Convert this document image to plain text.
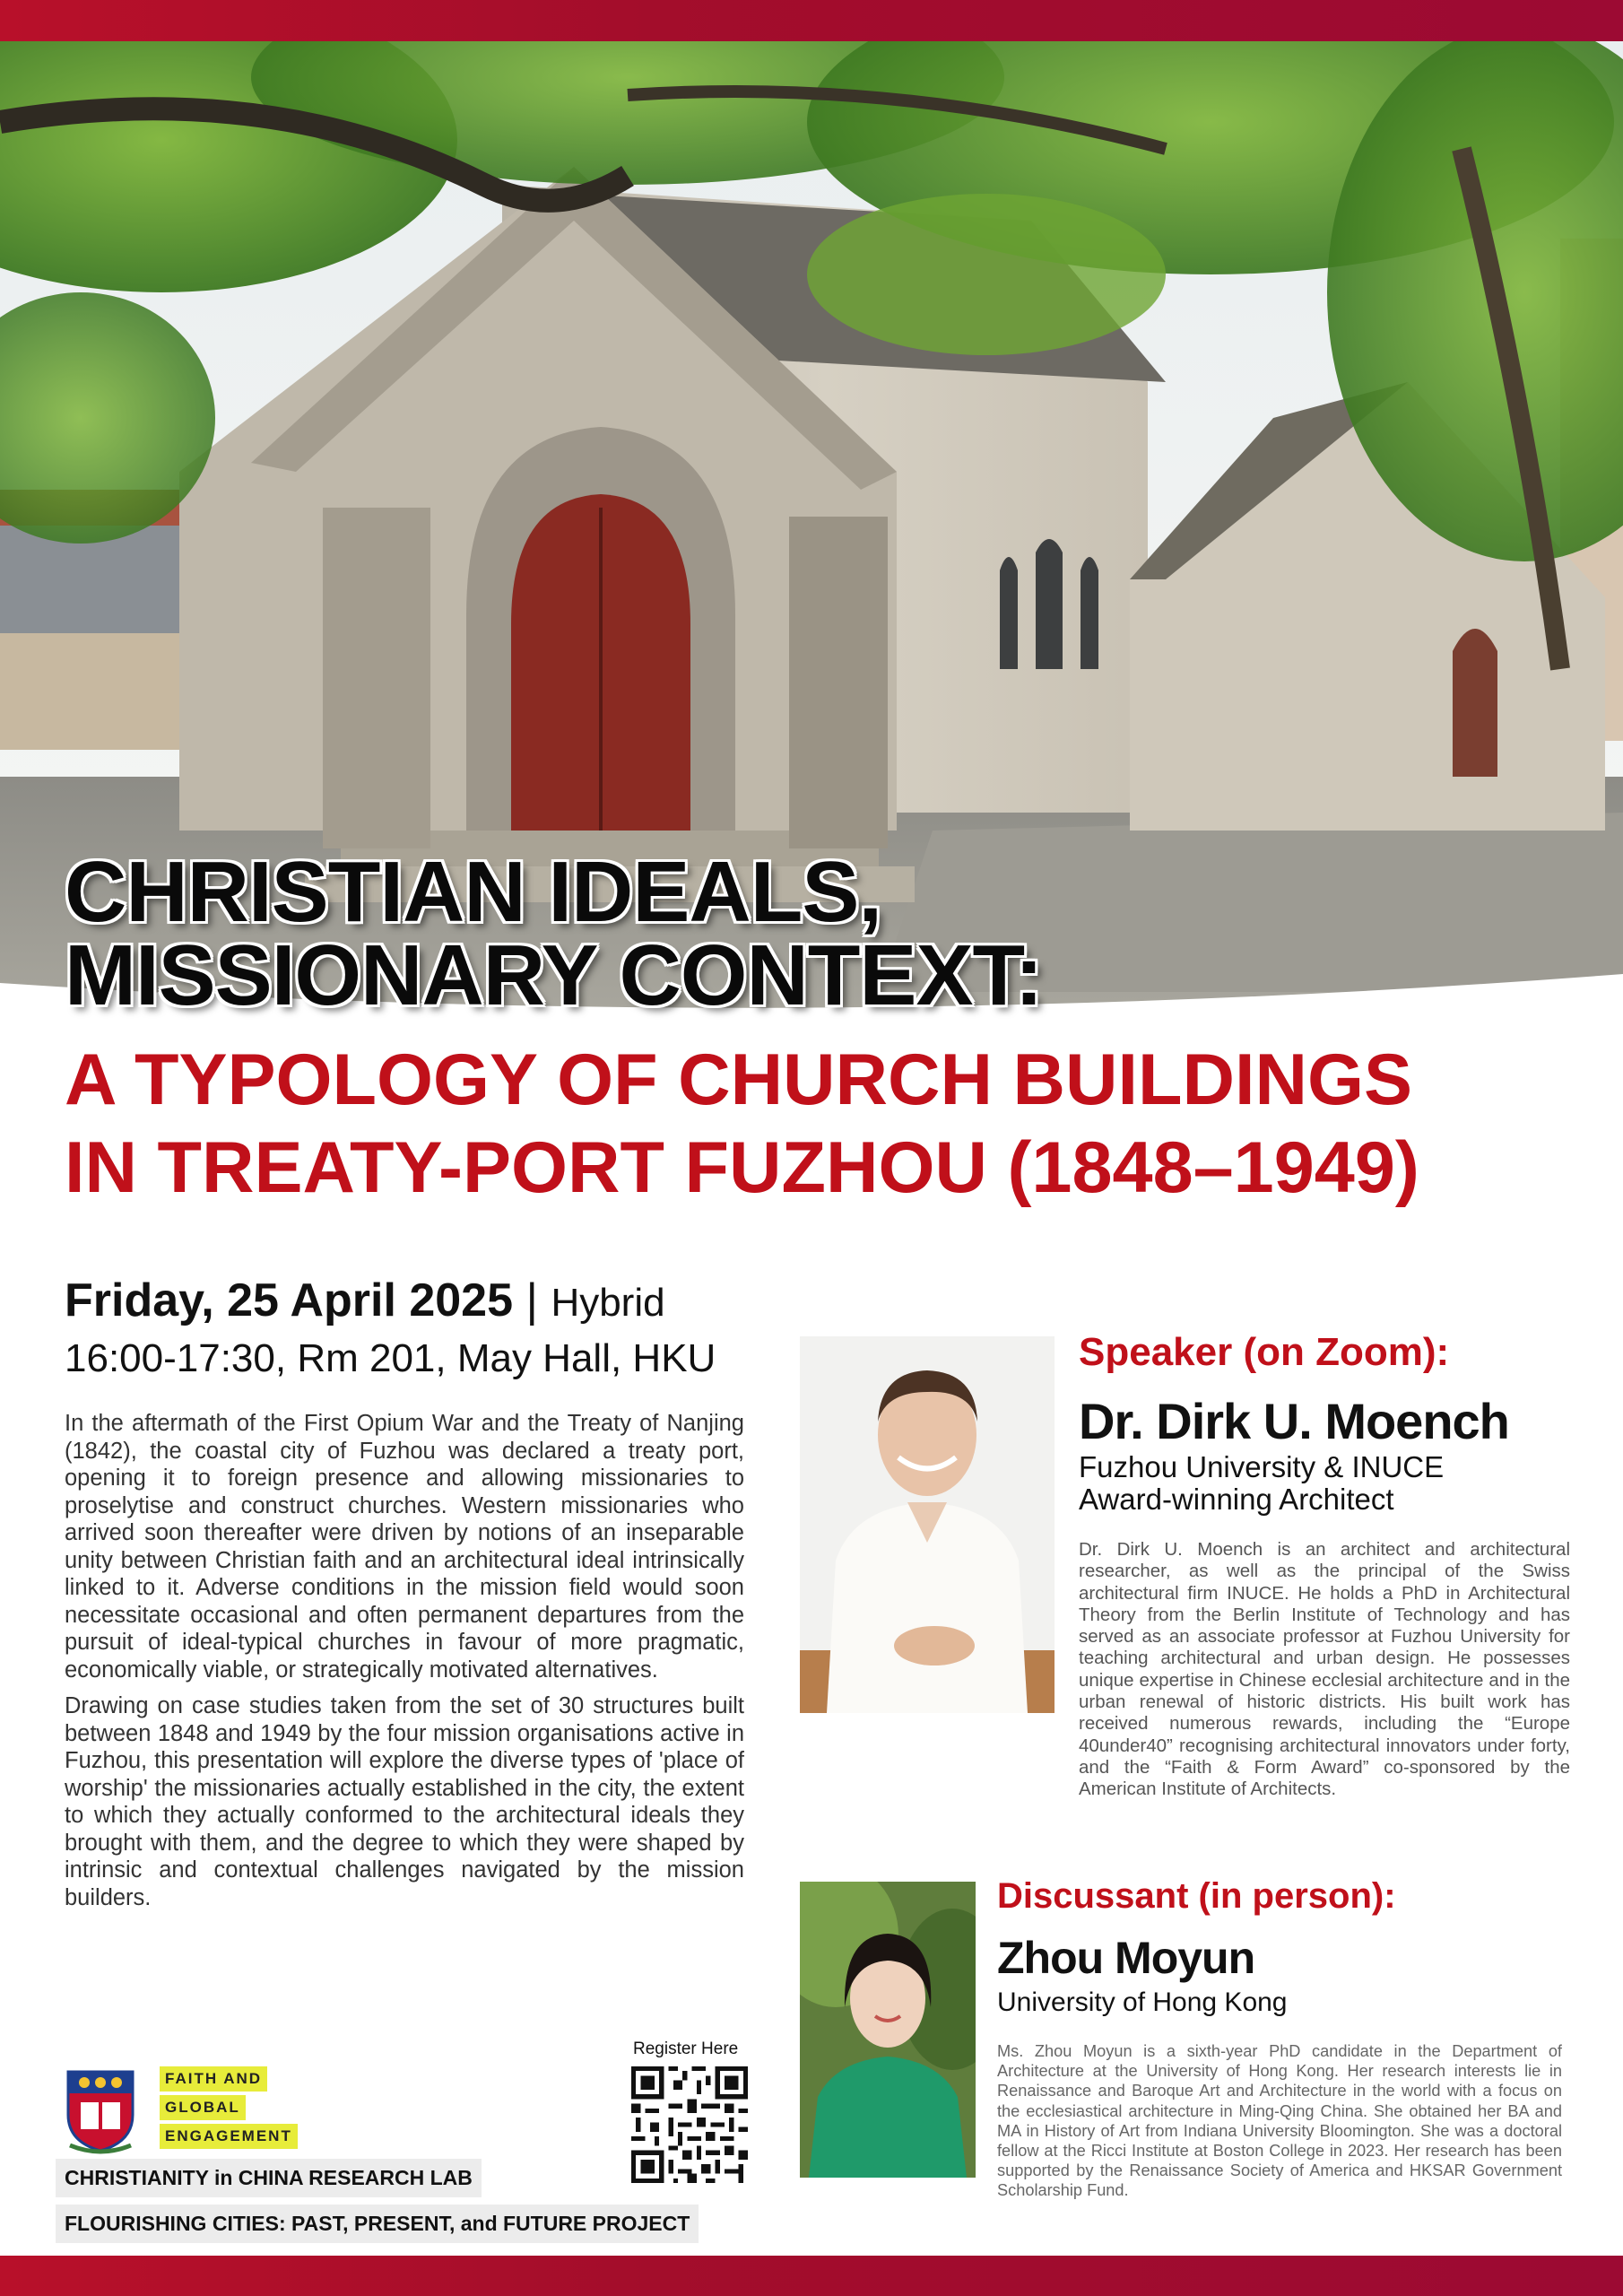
CHRISTIAN IDEALS,
MISSIONARY CONTEXT:
A TYPOLOGY OF CHURCH BUILDINGS
IN TREATY-PORT FUZHOU (1848–1949)
Friday, 25 April 2025 | Hybrid
16:00-17:30, Rm 201, May Hall, HKU

In the aftermath of the First Opium War and the Treaty of Nanjing (1842), the coastal city of Fuzhou was declared a treaty port, opening it to foreign presence and allowing missionaries to proselytise and construct churches. Western missionaries who arrived soon thereafter were driven by notions of an inseparable unity between Christian faith and an architectural ideal intrinsically linked to it. Adverse conditions in the mission field would soon necessitate occasional and often permanent departures from the pursuit of ideal-typical churches in favour of more pragmatic, economically viable, or strategically motivated alternatives.

Drawing on case studies taken from the set of 30 structures built between 1848 and 1949 by the four mission organisations active in Fuzhou, this presentation will explore the diverse types of 'place of worship' the missionaries actually established in the city, the extent to which they actually conformed to the architectural ideals they brought with them, and the degree to which they were shaped by intrinsic and contextual challenges navigated by the mission builders.

Speaker (on Zoom):
Dr. Dirk U. Moench
Fuzhou University & INUCE
Award-winning Architect
Dr. Dirk U. Moench is an architect and architectural researcher, as well as the principal of the Swiss architectural firm INUCE. He holds a PhD in Architectural Theory from the Berlin Institute of Technology and has served as an associate professor at Fuzhou University for teaching architectural and urban design. He possesses unique expertise in Chinese ecclesial architecture and in the urban renewal of historic districts. His built work has received numerous rewards, including the “Europe 40under40” recognising architectural innovators under forty, and the “Faith & Form Award” co-sponsored by the American Institute of Architects.
Discussant (in person):
Zhou Moyun
University of Hong Kong
Ms. Zhou Moyun is a sixth-year PhD candidate in the Department of Architecture at the University of Hong Kong. Her research interests lie in Renaissance and Baroque Art and Architecture in the world with a focus on the ecclesiastical architecture in Ming-Qing China. She obtained her BA and MA in History of Art from Indiana University Bloomington. She was a doctoral fellow at the Ricci Institute at Boston College in 2023. Her research has been supported by the Renaissance Society of America and HKSAR Government Scholarship Fund.
FAITH AND
GLOBAL
ENGAGEMENT
CHRISTIANITY in CHINA RESEARCH LAB
FLOURISHING CITIES: PAST, PRESENT, and FUTURE PROJECT
Register Here
